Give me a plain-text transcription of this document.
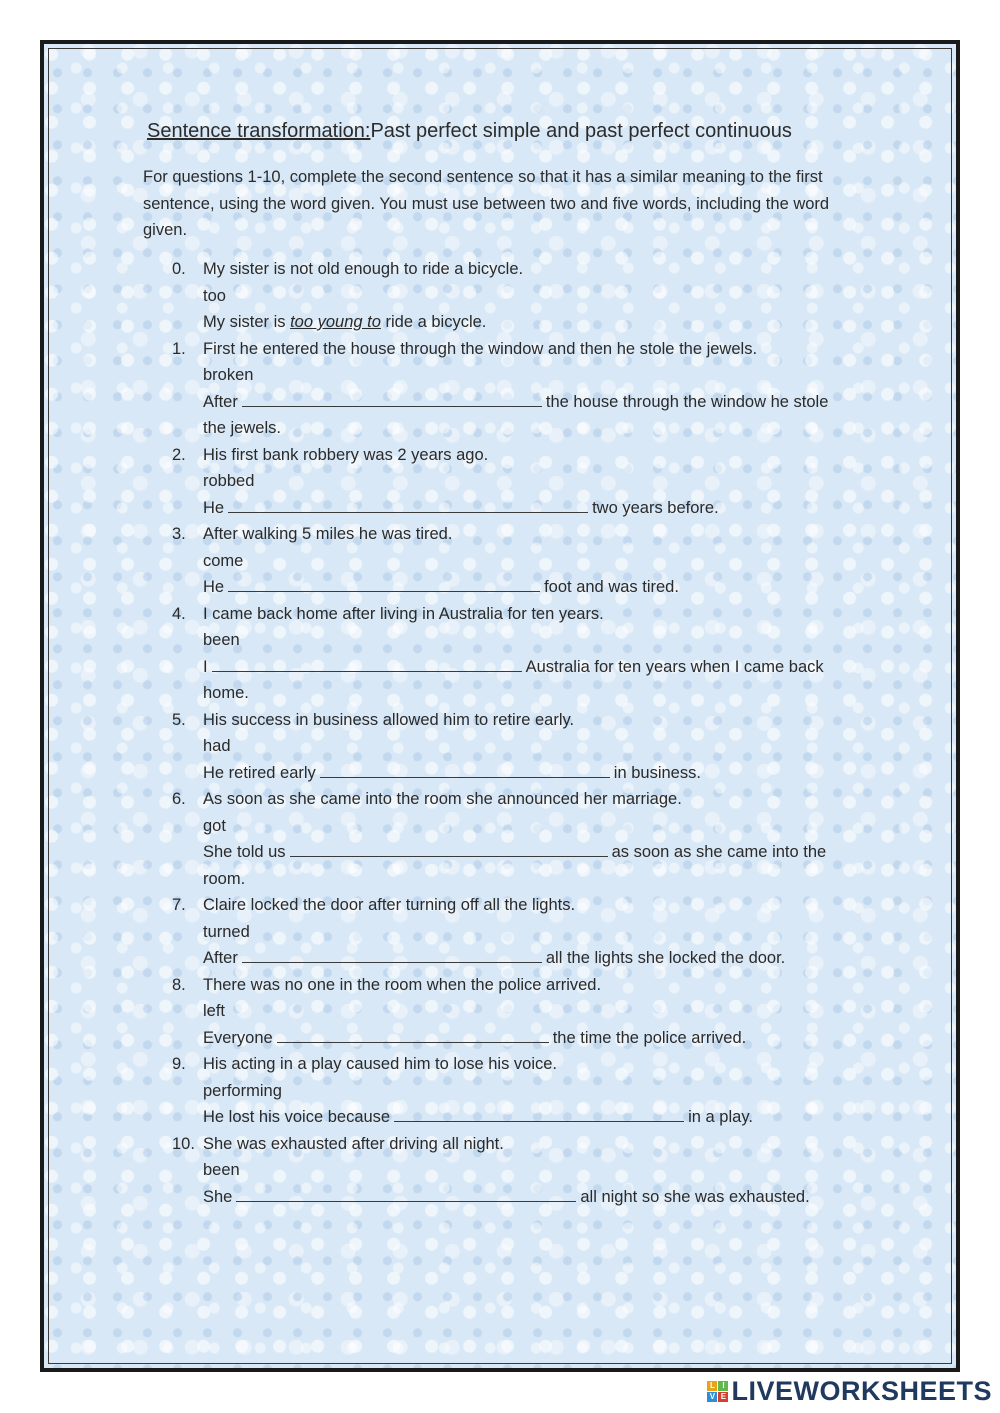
Sentence transformation:Past perfect simple and past perfect continuous

For questions 1-10, complete the second sentence so that it has a similar meaning to the first sentence, using the word given. You must use between two and five words, including the word given.

0. My sister is not old enough to ride a bicycle.
too
My sister is too young to ride a bicycle.
1. First he entered the house through the window and then he stole the jewels.
broken
After	the house through the window he stole the jewels.
2. His first bank robbery was 2 years ago.
robbed
He	two years before.
3. After walking 5 miles he was tired.
come
He	foot and was tired.
4. I came back home after living in Australia for ten years.
been
I	Australia for ten years when I came back home.
5. His success in business allowed him to retire early.
had
He retired early	in business.
6. As soon as she came into the room she announced her marriage.
got
She told us	as soon as she came into the room.
7. Claire locked the door after turning off all the lights.
turned
After	all the lights she locked the door.
8. There was no one in the room when the police arrived.
left
Everyone	the time the police arrived.
9. His acting in a play caused him to lose his voice.
performing
He lost his voice because	in a play.
10. She was exhausted after driving all night.
been
She	all night so she was exhausted.
L I
V E LIVEWORKSHEETS
